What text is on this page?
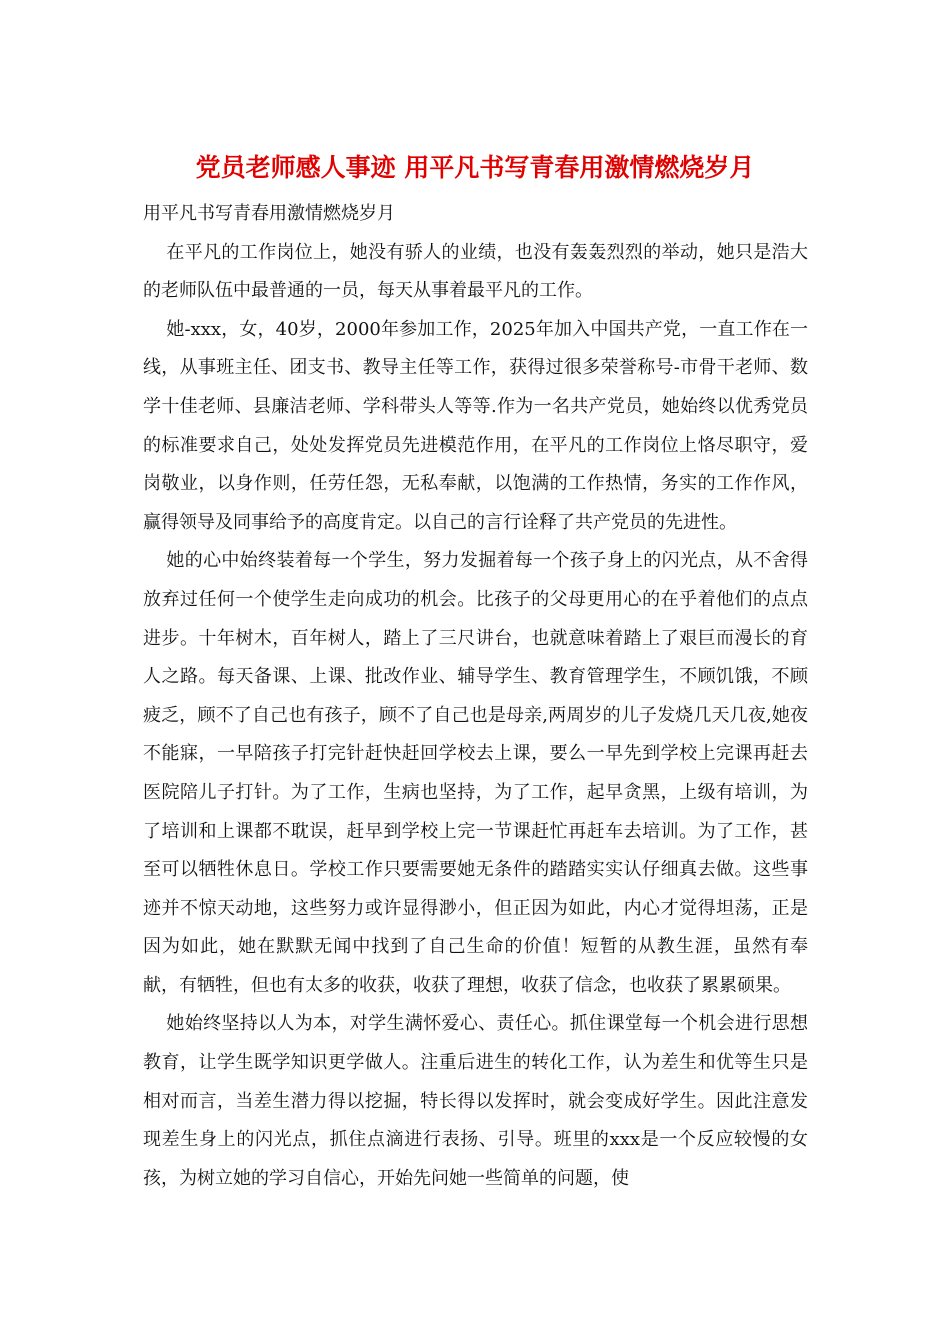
党员老师感人事迹 用平凡书写青春用激情燃烧岁月

用平凡书写青春用激情燃烧岁月

在平凡的工作岗位上，她没有骄人的业绩，也没有轰轰烈烈的举动，她只是浩大的老师队伍中最普通的一员，每天从事着最平凡的工作。

她-xxx，女，40岁，2000年参加工作，2025年加入中国共产党，一直工作在一线，从事班主任、团支书、教导主任等工作，获得过很多荣誉称号-市骨干老师、数学十佳老师、县廉洁老师、学科带头人等等.作为一名共产党员，她始终以优秀党员的标准要求自己，处处发挥党员先进模范作用，在平凡的工作岗位上恪尽职守，爱岗敬业，以身作则，任劳任怨，无私奉献，以饱满的工作热情，务实的工作作风，赢得领导及同事给予的高度肯定。以自己的言行诠释了共产党员的先进性。

她的心中始终装着每一个学生，努力发掘着每一个孩子身上的闪光点，从不舍得放弃过任何一个使学生走向成功的机会。比孩子的父母更用心的在乎着他们的点点进步。十年树木，百年树人，踏上了三尺讲台，也就意味着踏上了艰巨而漫长的育人之路。每天备课、上课、批改作业、辅导学生、教育管理学生，不顾饥饿，不顾疲乏，顾不了自己也有孩子，顾不了自己也是母亲,两周岁的儿子发烧几天几夜,她夜不能寐，一早陪孩子打完针赶快赶回学校去上课，要么一早先到学校上完课再赶去医院陪儿子打针。为了工作，生病也坚持，为了工作，起早贪黑，上级有培训，为了培训和上课都不耽误，赶早到学校上完一节课赶忙再赶车去培训。为了工作，甚至可以牺牲休息日。学校工作只要需要她无条件的踏踏实实认仔细真去做。这些事迹并不惊天动地，这些努力或许显得渺小，但正因为如此，内心才觉得坦荡，正是因为如此，她在默默无闻中找到了自己生命的价值！短暂的从教生涯，虽然有奉献，有牺牲，但也有太多的收获，收获了理想，收获了信念，也收获了累累硕果。

她始终坚持以人为本，对学生满怀爱心、责任心。抓住课堂每一个机会进行思想教育，让学生既学知识更学做人。注重后进生的转化工作，认为差生和优等生只是相对而言，当差生潜力得以挖掘，特长得以发挥时，就会变成好学生。因此注意发现差生身上的闪光点，抓住点滴进行表扬、引导。班里的xxx是一个反应较慢的女孩，为树立她的学习自信心，开始先问她一些简单的问题，使
